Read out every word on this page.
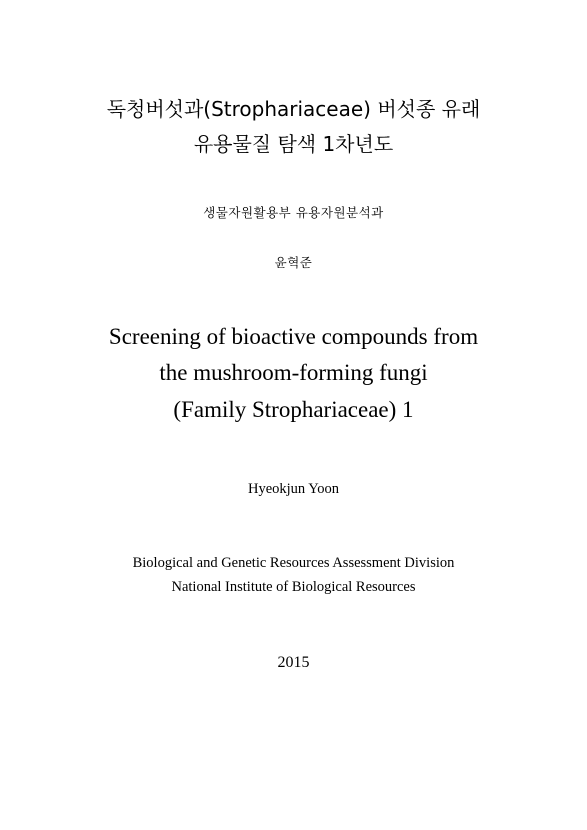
독청버섯과(Strophariaceae) 버섯종 유래
유용물질 탐색 1차년도
생물자원활용부 유용자원분석과
윤혁준
Screening of bioactive compounds from
the mushroom-forming fungi
(Family Strophariaceae) 1
Hyeokjun Yoon
Biological and Genetic Resources Assessment Division
National Institute of Biological Resources
2015
